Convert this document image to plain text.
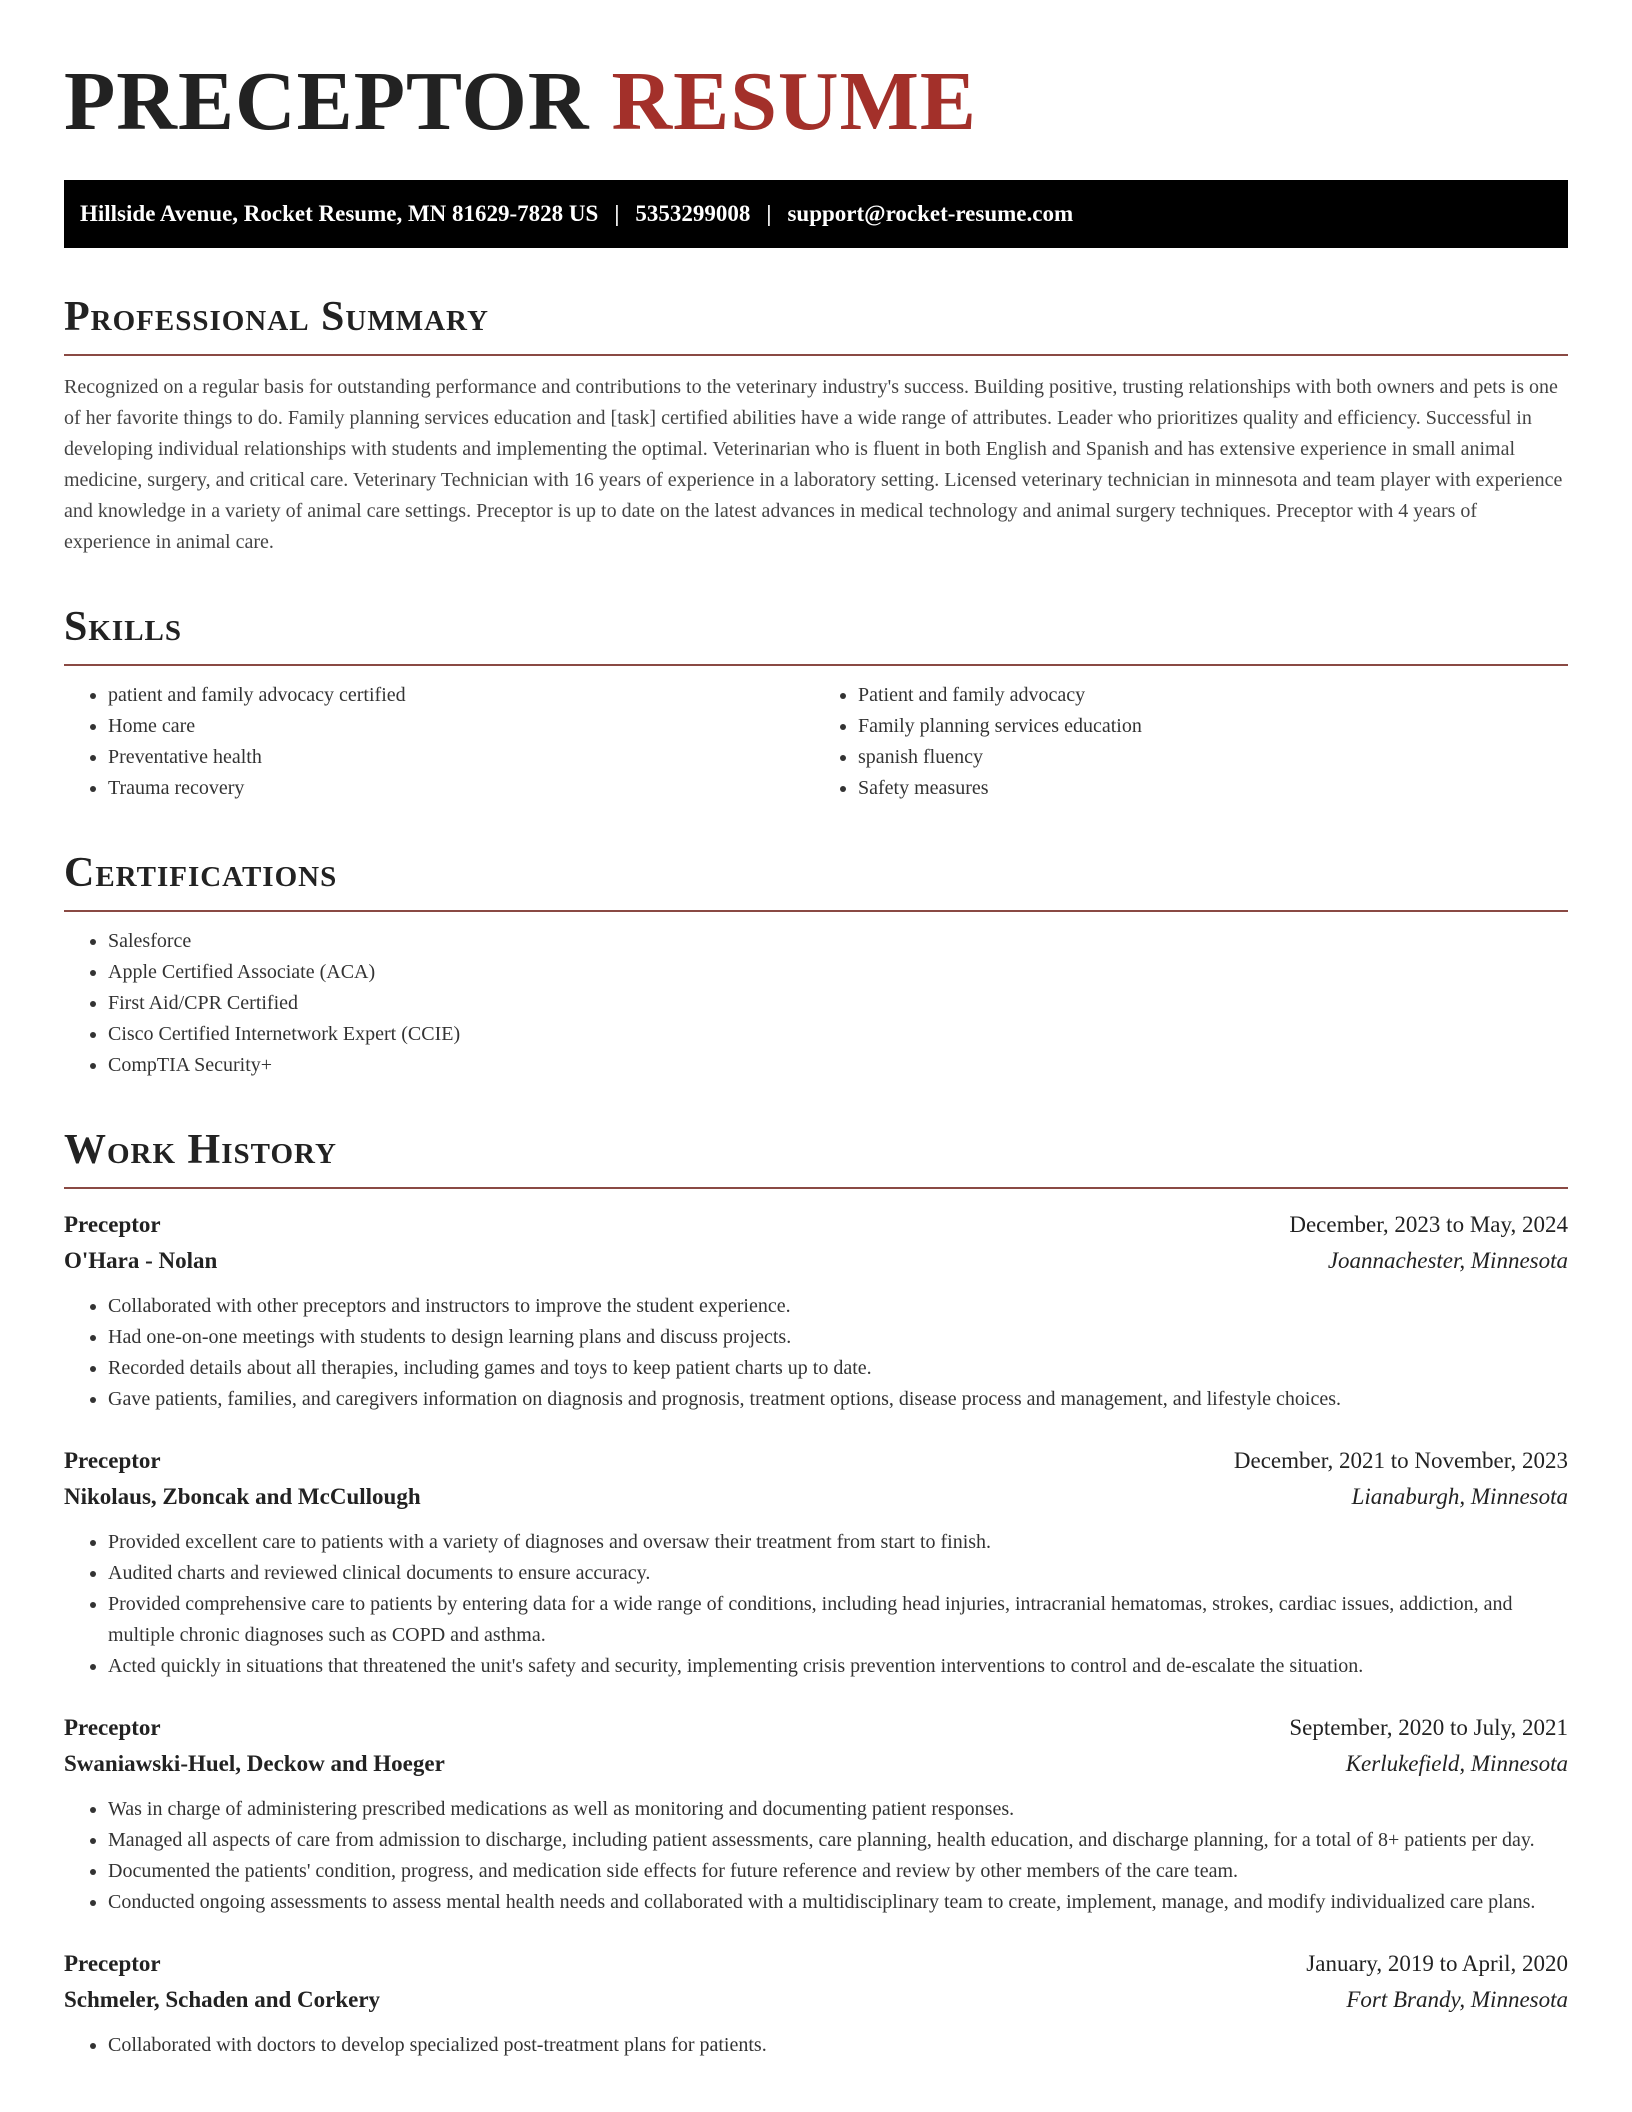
PRECEPTOR RESUME
Hillside Avenue, Rocket Resume, MN 81629-7828 US | 5353299008 | support@rocket-resume.com
Professional Summary

Recognized on a regular basis for outstanding performance and contributions to the veterinary industry's success. Building positive, trusting relationships with both owners and pets is one of her favorite things to do. Family planning services education and [task] certified abilities have a wide range of attributes. Leader who prioritizes quality and efficiency. Successful in developing individual relationships with students and implementing the optimal. Veterinarian who is fluent in both English and Spanish and has extensive experience in small animal medicine, surgery, and critical care. Veterinary Technician with 16 years of experience in a laboratory setting. Licensed veterinary technician in minnesota and team player with experience and knowledge in a variety of animal care settings. Preceptor is up to date on the latest advances in medical technology and animal surgery techniques. Preceptor with 4 years of experience in animal care.

Skills
• patient and family advocacy certified
• Home care
• Preventative health
• Trauma recovery
• Patient and family advocacy
• Family planning services education
• spanish fluency
• Safety measures
Certifications
• Salesforce
• Apple Certified Associate (ACA)
• First Aid/CPR Certified
• Cisco Certified Internetwork Expert (CCIE)
• CompTIA Security+
Work History
Preceptor	December, 2023 to May, 2024
O'Hara - Nolan	Joannachester, Minnesota
• Collaborated with other preceptors and instructors to improve the student experience.
• Had one-on-one meetings with students to design learning plans and discuss projects.
• Recorded details about all therapies, including games and toys to keep patient charts up to date.
• Gave patients, families, and caregivers information on diagnosis and prognosis, treatment options, disease process and management, and lifestyle choices.
Preceptor	December, 2021 to November, 2023
Nikolaus, Zboncak and McCullough	Lianaburgh, Minnesota
• Provided excellent care to patients with a variety of diagnoses and oversaw their treatment from start to finish.
• Audited charts and reviewed clinical documents to ensure accuracy.
• Provided comprehensive care to patients by entering data for a wide range of conditions, including head injuries, intracranial hematomas, strokes, cardiac issues, addiction, and multiple chronic diagnoses such as COPD and asthma.
• Acted quickly in situations that threatened the unit's safety and security, implementing crisis prevention interventions to control and de-escalate the situation.
Preceptor	September, 2020 to July, 2021
Swaniawski-Huel, Deckow and Hoeger	Kerlukefield, Minnesota
• Was in charge of administering prescribed medications as well as monitoring and documenting patient responses.
• Managed all aspects of care from admission to discharge, including patient assessments, care planning, health education, and discharge planning, for a total of 8+ patients per day.
• Documented the patients' condition, progress, and medication side effects for future reference and review by other members of the care team.
• Conducted ongoing assessments to assess mental health needs and collaborated with a multidisciplinary team to create, implement, manage, and modify individualized care plans.
Preceptor	January, 2019 to April, 2020
Schmeler, Schaden and Corkery	Fort Brandy, Minnesota
• Collaborated with doctors to develop specialized post-treatment plans for patients.
